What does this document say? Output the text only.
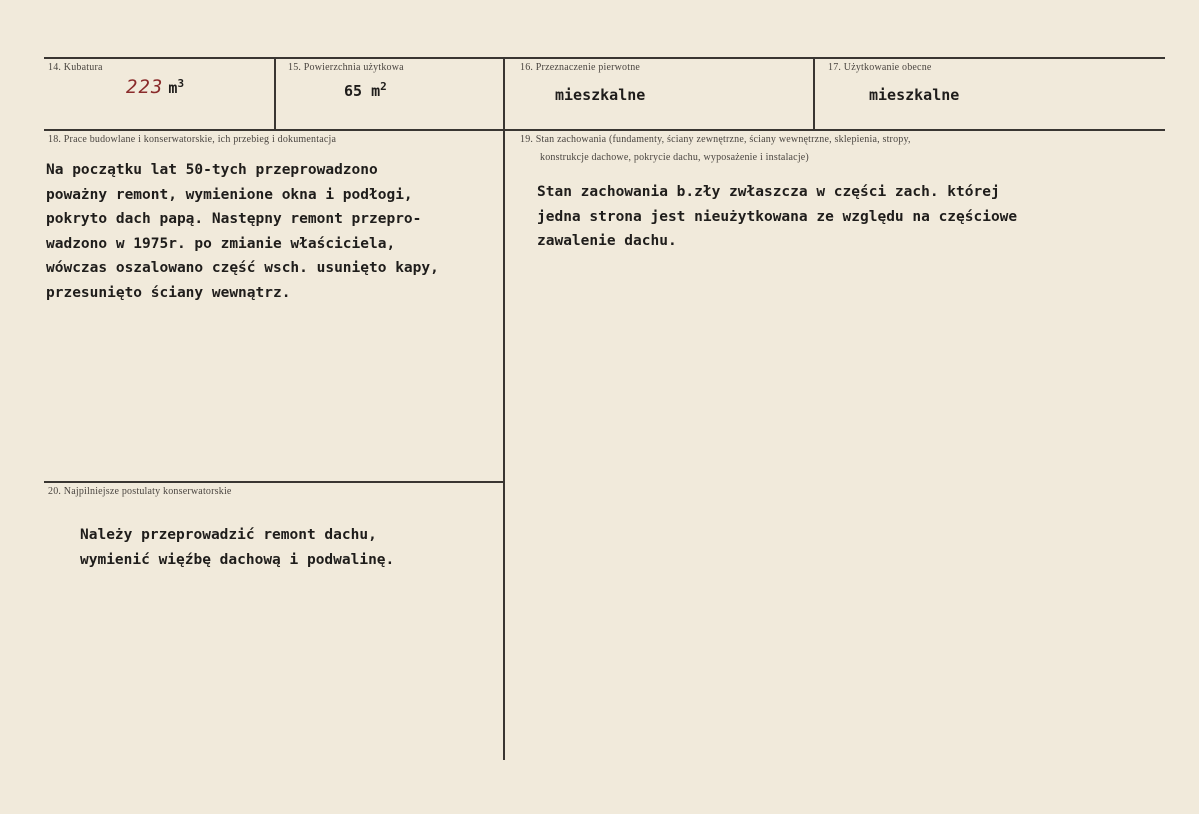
14. Kubatura
223 $m^3$
15. Powierzchnia użytkowa
65 $m^2$
16. Przeznaczenie pierwotne
mieszkalne
17. Użytkowanie obecne
mieszkalne
18. Prace budowlane i konserwatorskie, ich przebieg i dokumentacja
Na początku lat 50-tych przeprowadzono
poważny remont, wymienione okna i podłogi,
pokryto dach papą. Następny remont przepro-
wadzono w 1975r. po zmianie właściciela,
wówczas oszalowano część wsch. usunięto kapy,
przesunięto ściany wewnątrz.
19. Stan zachowania (fundamenty, ściany zewnętrzne, ściany wewnętrzne, sklepienia, stropy,
konstrukcje dachowe, pokrycie dachu, wyposażenie i instalacje)
Stan zachowania b.zły zwłaszcza w części zach. której
jedna strona jest nieużytkowana ze względu na częściowe
zawalenie dachu.
20. Najpilniejsze postulaty konserwatorskie
Należy przeprowadzić remont dachu,
wymienić więźbę dachową i podwalinę.
